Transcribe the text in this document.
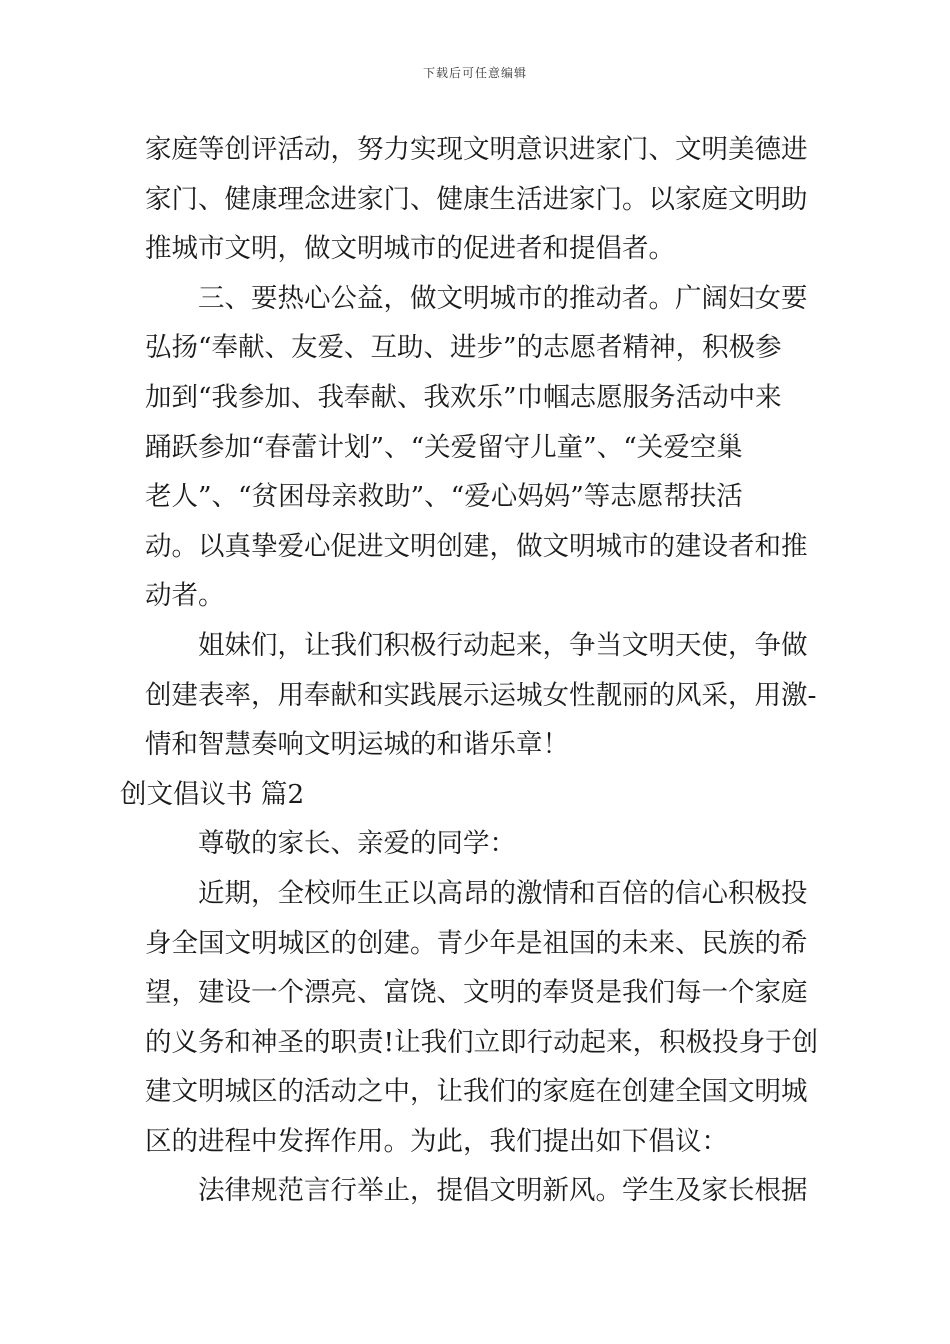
下载后可任意编辑
家庭等创评活动，努力实现文明意识进家门、文明美德进
家门、健康理念进家门、健康生活进家门。以家庭文明助
推城市文明，做文明城市的促进者和提倡者。
三、要热心公益，做文明城市的推动者。广阔妇女要
弘扬“奉献、友爱、互助、进步”的志愿者精神，积极参
加到“我参加、我奉献、我欢乐”巾帼志愿服务活动中来
踊跃参加“春蕾计划”、“关爱留守儿童”、“关爱空巢
老人”、“贫困母亲救助”、“爱心妈妈”等志愿帮扶活
动。以真挚爱心促进文明创建，做文明城市的建设者和推
动者。
姐妹们，让我们积极行动起来，争当文明天使，争做
创建表率，用奉献和实践展示运城女性靓丽的风采，用激-
情和智慧奏响文明运城的和谐乐章！
创文倡议书 篇2
尊敬的家长、亲爱的同学：
近期，全校师生正以高昂的激情和百倍的信心积极投
身全国文明城区的创建。青少年是祖国的未来、民族的希
望，建设一个漂亮、富饶、文明的奉贤是我们每一个家庭
的义务和神圣的职责!让我们立即行动起来，积极投身于创
建文明城区的活动之中，让我们的家庭在创建全国文明城
区的进程中发挥作用。为此，我们提出如下倡议：
法律规范言行举止，提倡文明新风。学生及家长根据
